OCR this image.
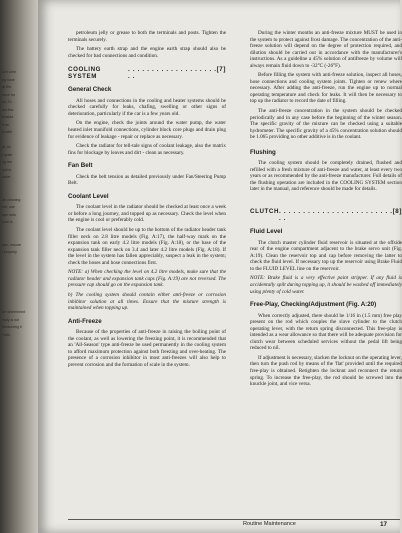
uch cont
ng hose
ar the
ence fro
oil. Fo
ure tha
sinside
ir be
id with
er, se
t syste
ng lea
sult in
valve
de cleaning
ent, use
ape onto
sure is
dee, ensure
l properly
he determined
mply is not
measuring it
l with

petroleum jelly or grease to both the terminals and posts. Tighten the terminals securely.

The battery earth strap and the engine earth strap should also be checked for bad connections and condition.

COOLING SYSTEM
. . . . . . . . . . . . . . . . . . . . .
[7]
General Check

All hoses and connections in the cooling and heater systems should be checked carefully for leaks, chafing, swelling or other signs of deterioration, particularly if the car is a few years old.

On the engine, check the joints around the water pump, the water heated inlet manifold connections, cylinder block core plugs and drain plug for evidence of leakage - repair or replace as necessary.

Check the radiator for tell-tale signs of coolant leakage, also the matrix fins for blockage by leaves and dirt - clean as necessary.

Fan Belt

Check the belt tension as detailed previously under Fan/Steering Pump Belt.

Coolant Level

The coolant level in the radiator should be checked at least once a week or before a long journey, and topped up as necessary. Check the level when the engine is cool or preferably cold.

The coolant level should be up to the bottom of the radiator header tank filler neck on 2.8 litre models (Fig. A:17), the half-way mark on the expansion tank on early 4.2 litre models (Fig. A:18), or the base of the expansion tank filler neck on 3.4 and later 4.2 litre models (Fig. A:18). If the level in the system has fallen appreciably, suspect a leak in the system; check the hoses and hose connections first.

NOTE: a) When checking the level on 4.2 litre models, make sure that the radiator header and expansion tank caps (Fig. A:19) are not reversed. The pressure cap should go on the expansion tank.

b) The cooling system should contain either anti-freeze or corrosion inhibitor solution at all times. Ensure that the mixture strength is maintained when topping up.

Anti-Freeze

Because of the properties of anti-freeze in raising the boiling point of the coolant, as well as lowering the freezing point, it is recommended that an 'All-Season' type anti-freeze be used permanently in the cooling system to afford maximum protection against both freezing and over-heating. The presence of a corrosion inhibitor in most anti-freezes will also help to prevent corrosion and the formation of scale in the system.

During the winter months an anti-freeze mixture MUST be used in the system to protect against frost damage. The concentration of the anti-freeze solution will depend on the degree of protection required, and dilution should be carried out in accordance with the manufacturer's instructions. As a guideline a 45% solution of antifreeze by volume will always remain fluid down to -32°C (-26°F).

Before filling the system with anti-freeze solution, inspect all hoses, hose connections and cooling system joints. Tighten or renew where necessary. After adding the anti-freeze, run the engine up to normal operating temperature and check for leaks. It will then be necessary to top up the radiator to record the date of filling.

The anti-freeze concentration in the system should be checked periodically and in any case before the beginning of the winter season. The specific gravity of the mixture can be checked using a suitable hydrometer. The specific gravity of a 45% concentration solution should be 1.065 providing no other additive is in the coolant.

Flushing

The cooling system should be completely drained, flushed and refilled with a fresh mixture of anti-freeze and water, at least every two years or as recommended by the anti-freeze manufacturer. Full details of the flushing operation are included in the COOLING SYSTEM section later in the manual, and reference should be made for details.

CLUTCH . . . . . . . . . . . . . . . . . . . . . . . . . .
[8]
Fluid Level

The clutch master cylinder fluid reservoir is situated at the offside rear of the engine compartment adjacent to the brake servo unit (Fig. A:19). Clean the reservoir top and cap before removing the latter to check the fluid level. If necessary top up the reservoir using Brake Fluid to the FLUID LEVEL line on the reservoir.

NOTE: Brake fluid is a very effective paint stripper. If any fluid is accidentally spilt during topping up, it should be washed off immediately using plenty of cold water.

Free-Play, Checking/Adjustment (Fig. A:20)

When correctly adjusted, there should be 1/16 in (1.5 mm) free play present on the rod which couples the slave cylinder to the clutch operating lever, with the return spring disconnected. This free-play is intended as a wear allowance so that there will be adequate provision for clutch wear between scheduled services without the pedal lift being reduced to nil.

If adjustment is necessary, slacken the locknut on the operating lever, then turn the push rod by means of the 'flat' provided until the required free-play is obtained. Retighten the locknut and reconnect the return spring. To increase the free-play, the rod should be screwed into the knuckle joint, and vice versa.

Routine Maintenance	17
